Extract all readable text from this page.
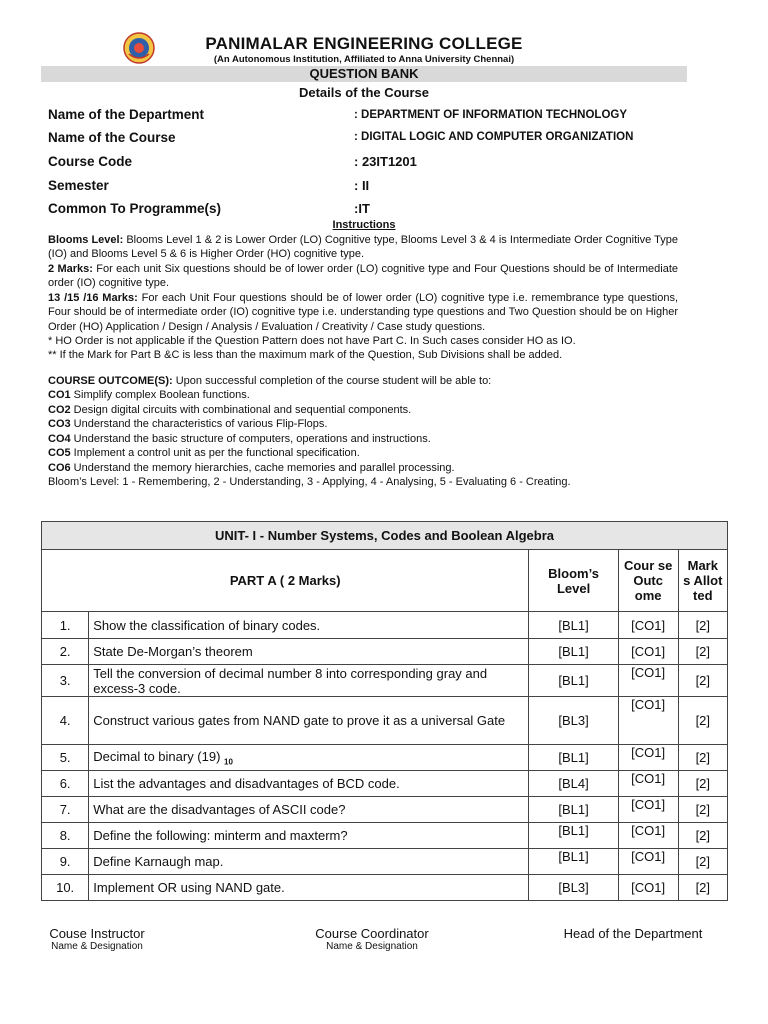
PANIMALAR ENGINEERING COLLEGE
(An Autonomous Institution, Affiliated to Anna University Chennai)
QUESTION BANK
Details of the Course
Name of the Department	: DEPARTMENT OF INFORMATION TECHNOLOGY
Name of the Course	: DIGITAL LOGIC AND COMPUTER ORGANIZATION
Course Code	: 23IT1201
Semester	: II
Common To Programme(s)	:IT
Instructions
Blooms Level: Blooms Level 1 & 2 is Lower Order (LO) Cognitive type, Blooms Level 3 & 4 is Intermediate Order Cognitive Type (IO) and Blooms Level 5 & 6 is Higher Order (HO) cognitive type.
2 Marks: For each unit Six questions should be of lower order (LO) cognitive type and Four Questions should be of Intermediate order (IO) cognitive type.
13 /15 /16 Marks: For each Unit Four questions should be of lower order (LO) cognitive type i.e. remembrance type questions, Four should be of intermediate order (IO) cognitive type i.e. understanding type questions and Two Question should be on Higher Order (HO) Application / Design / Analysis / Evaluation / Creativity / Case study questions.
* HO Order is not applicable if the Question Pattern does not have Part C. In Such cases consider HO as IO.
** If the Mark for Part B &C is less than the maximum mark of the Question, Sub Divisions shall be added.
COURSE OUTCOME(S): Upon successful completion of the course student will be able to:
CO1 Simplify complex Boolean functions.
CO2 Design digital circuits with combinational and sequential components.
CO3 Understand the characteristics of various Flip-Flops.
CO4 Understand the basic structure of computers, operations and instructions.
CO5 Implement a control unit as per the functional specification.
CO6 Understand the memory hierarchies, cache memories and parallel processing.
Bloom’s Level: 1 - Remembering, 2 - Understanding, 3 - Applying, 4 - Analysing, 5 - Evaluating 6 - Creating.
UNIT- I - Number Systems, Codes and Boolean Algebra				
PART A ( 2 Marks)		Bloom’s Level	Cour se Outc ome	Mark s Allot ted
1.	Show the classification of binary codes.	[BL1]	[CO1]	[2]
2.	State De-Morgan’s theorem	[BL1]	[CO1]	[2]
3.	Tell the conversion of decimal number 8 into corresponding gray and excess-3 code.	[BL1]	[CO1]	[2]
4.	Construct various gates from NAND gate to prove it as a universal Gate	[BL3]	[CO1]	[2]
5.	Decimal to binary (19) $_{10}$	[BL1]	[CO1]	[2]
6.	List the advantages and disadvantages of BCD code.	[BL4]	[CO1]	[2]
7.	What are the disadvantages of ASCII code?	[BL1]	[CO1]	[2]
8.	Define the following: minterm and maxterm?	[BL1]	[CO1]	[2]
9.	Define Karnaugh map.	[BL1]	[CO1]	[2]
10.	Implement OR using NAND gate.	[BL3]	[CO1]	[2]
Couse Instructor
Name & Designation
Course Coordinator
Name & Designation
Head of the Department
